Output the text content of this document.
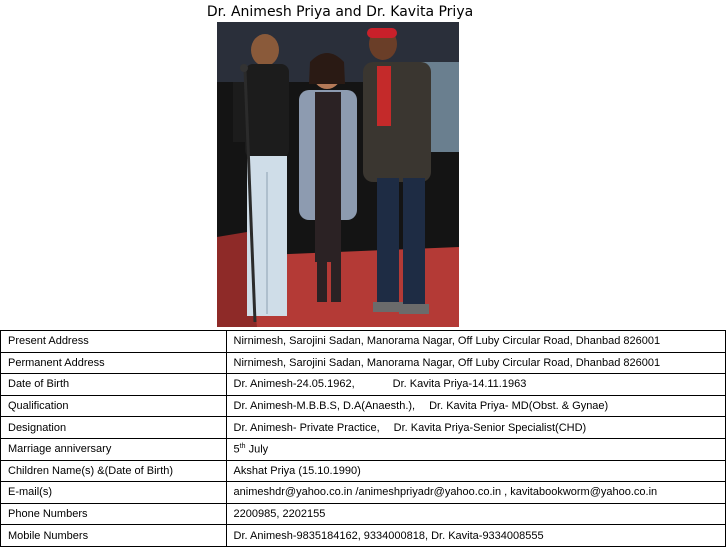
Dr. Animesh Priya and Dr. Kavita Priya
Present Address	Nirnimesh, Sarojini Sadan, Manorama Nagar, Off Luby Circular Road, Dhanbad 826001
Permanent Address	Nirnimesh, Sarojini Sadan, Manorama Nagar, Off Luby Circular Road, Dhanbad 826001
Date of Birth	Dr. Animesh-24.05.1962, Dr. Kavita Priya-14.11.1963
Qualification	Dr. Animesh-M.B.B.S, D.A(Anaesth.), Dr. Kavita Priya- MD(Obst. & Gynae)
Designation	Dr. Animesh- Private Practice, Dr. Kavita Priya-Senior Specialist(CHD)
Marriage anniversary	5th July
Children Name(s) &(Date of Birth)	Akshat Priya (15.10.1990)
E-mail(s)	animeshdr@yahoo.co.in /animeshpriyadr@yahoo.co.in , kavitabookworm@yahoo.co.in
Phone Numbers	2200985, 2202155
Mobile Numbers	Dr. Animesh-9835184162, 9334000818, Dr. Kavita-9334008555
